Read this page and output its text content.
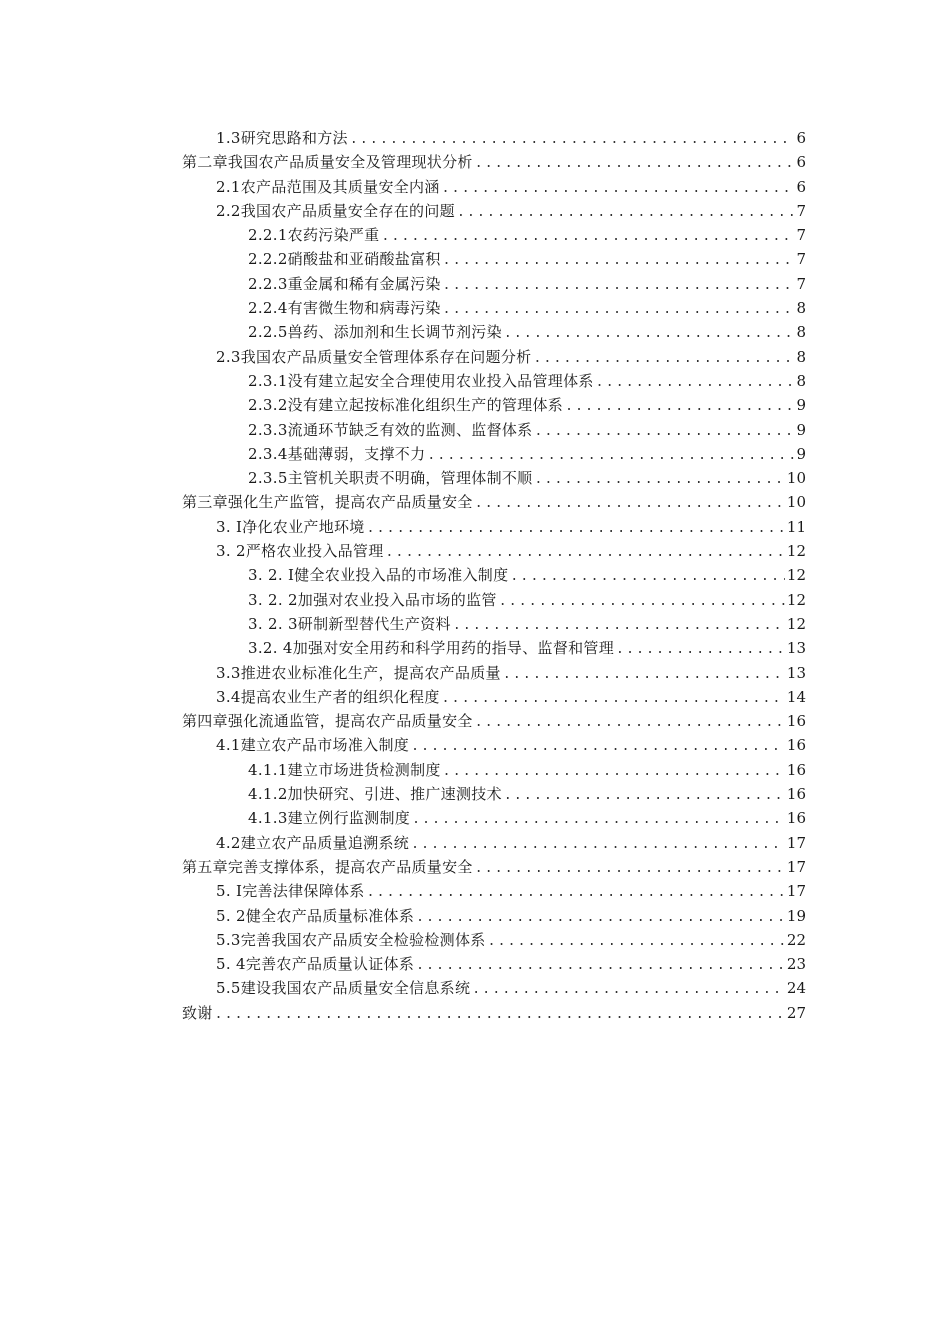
1.3研究思路和方法 .....	6
第二章我国农产品质量安全及管理现状分析 .....	6
2.1农产品范围及其质量安全内涵 .....	6
2.2我国农产品质量安全存在的问题 .....	7
2.2.1农药污染严重 .....	7
2.2.2硝酸盐和亚硝酸盐富积 .....	7
2.2.3重金属和稀有金属污染 .....	7
2.2.4有害微生物和病毒污染 .....	8
2.2.5兽药、添加剂和生长调节剂污染 .....	8
2.3我国农产品质量安全管理体系存在问题分析 .....	8
2.3.1没有建立起安全合理使用农业投入品管理体系 .....	8
2.3.2没有建立起按标准化组织生产的管理体系 .....	9
2.3.3流通环节缺乏有效的监测、监督体系 .....	9
2.3.4基础薄弱，支撑不力 .....	9
2.3.5主管机关职责不明确，管理体制不顺 .....	10
第三章强化生产监管，提高农产品质量安全 .....	10
3. I净化农业产地环境 .....	11
3. 2严格农业投入品管理 .....	12
3. 2. I健全农业投入品的市场准入制度 .....	12
3. 2. 2加强对农业投入品市场的监管 .....	12
3. 2. 3研制新型替代生产资料 .....	12
3.2. 4加强对安全用药和科学用药的指导、监督和管理 .....	13
3.3推进农业标准化生产，提高农产品质量 .....	13
3.4提高农业生产者的组织化程度 .....	14
第四章强化流通监管，提高农产品质量安全 .....	16
4.1建立农产品市场准入制度 .....	16
4.1.1建立市场进货检测制度 .....	16
4.1.2加快研究、引进、推广速测技术 .....	16
4.1.3建立例行监测制度 .....	16
4.2建立农产品质量追溯系统 .....	17
第五章完善支撑体系，提高农产品质量安全 .....	17
5. I完善法律保障体系 .....	17
5. 2健全农产品质量标准体系 .....	19
5.3完善我国农产品质安全检验检测体系 .....	22
5. 4完善农产品质量认证体系 .....	23
5.5建设我国农产品质量安全信息系统 .....	24
致谢 .....	27
